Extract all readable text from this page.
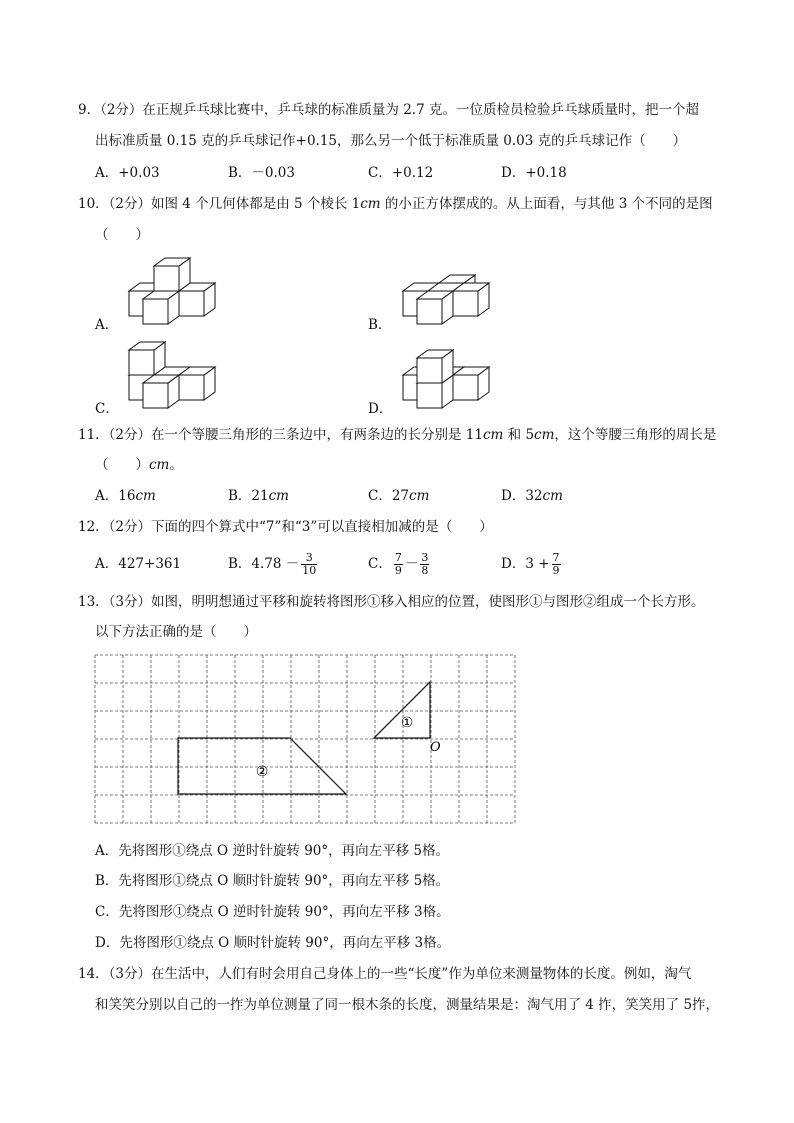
9．（2分）在正规乒乓球比赛中，乒乓球的标准质量为 2.7 克。一位质检员检验乒乓球质量时，把一个超
出标准质量 0.15 克的乒乓球记作+0.15，那么另一个低于标准质量 0.03 克的乒乓球记作（　　）
A．+0.03	B．－0.03	C．+0.12	D．+0.18
10．（2分）如图 4 个几何体都是由 5 个棱长 1cm 的小正方体摆成的。从上面看，与其他 3 个不同的是图
（　　）
A．	B．
C．	D．
11．（2分）在一个等腰三角形的三条边中，有两条边的长分别是 11cm 和 5cm，这个等腰三角形的周长是
（　　）cm。
A．16cm	B．21cm	C．27cm	D．32cm
12．（2分）下面的四个算式中“7”和“3”可以直接相加减的是（　　）
A．427+361	B．$4.78 - \frac{3}{10}$	C． $\frac{7}{9} - \frac{3}{8}$	D．$3 + \frac{7}{9}$
13．（3分）如图，明明想通过平移和旋转将图形①移入相应的位置，使图形①与图形②组成一个长方形。
以下方法正确的是（　　）
②
①
O
A．先将图形①绕点 O 逆时针旋转 90°，再向左平移 5格。
B．先将图形①绕点 O 顺时针旋转 90°，再向左平移 5格。
C．先将图形①绕点 O 逆时针旋转 90°，再向左平移 3格。
D．先将图形①绕点 O 顺时针旋转 90°，再向左平移 3格。
14．（3分）在生活中，人们有时会用自己身体上的一些“长度”作为单位来测量物体的长度。例如，淘气
和笑笑分别以自己的一拃为单位测量了同一根木条的长度，测量结果是：淘气用了 4 拃，笑笑用了 5拃，
